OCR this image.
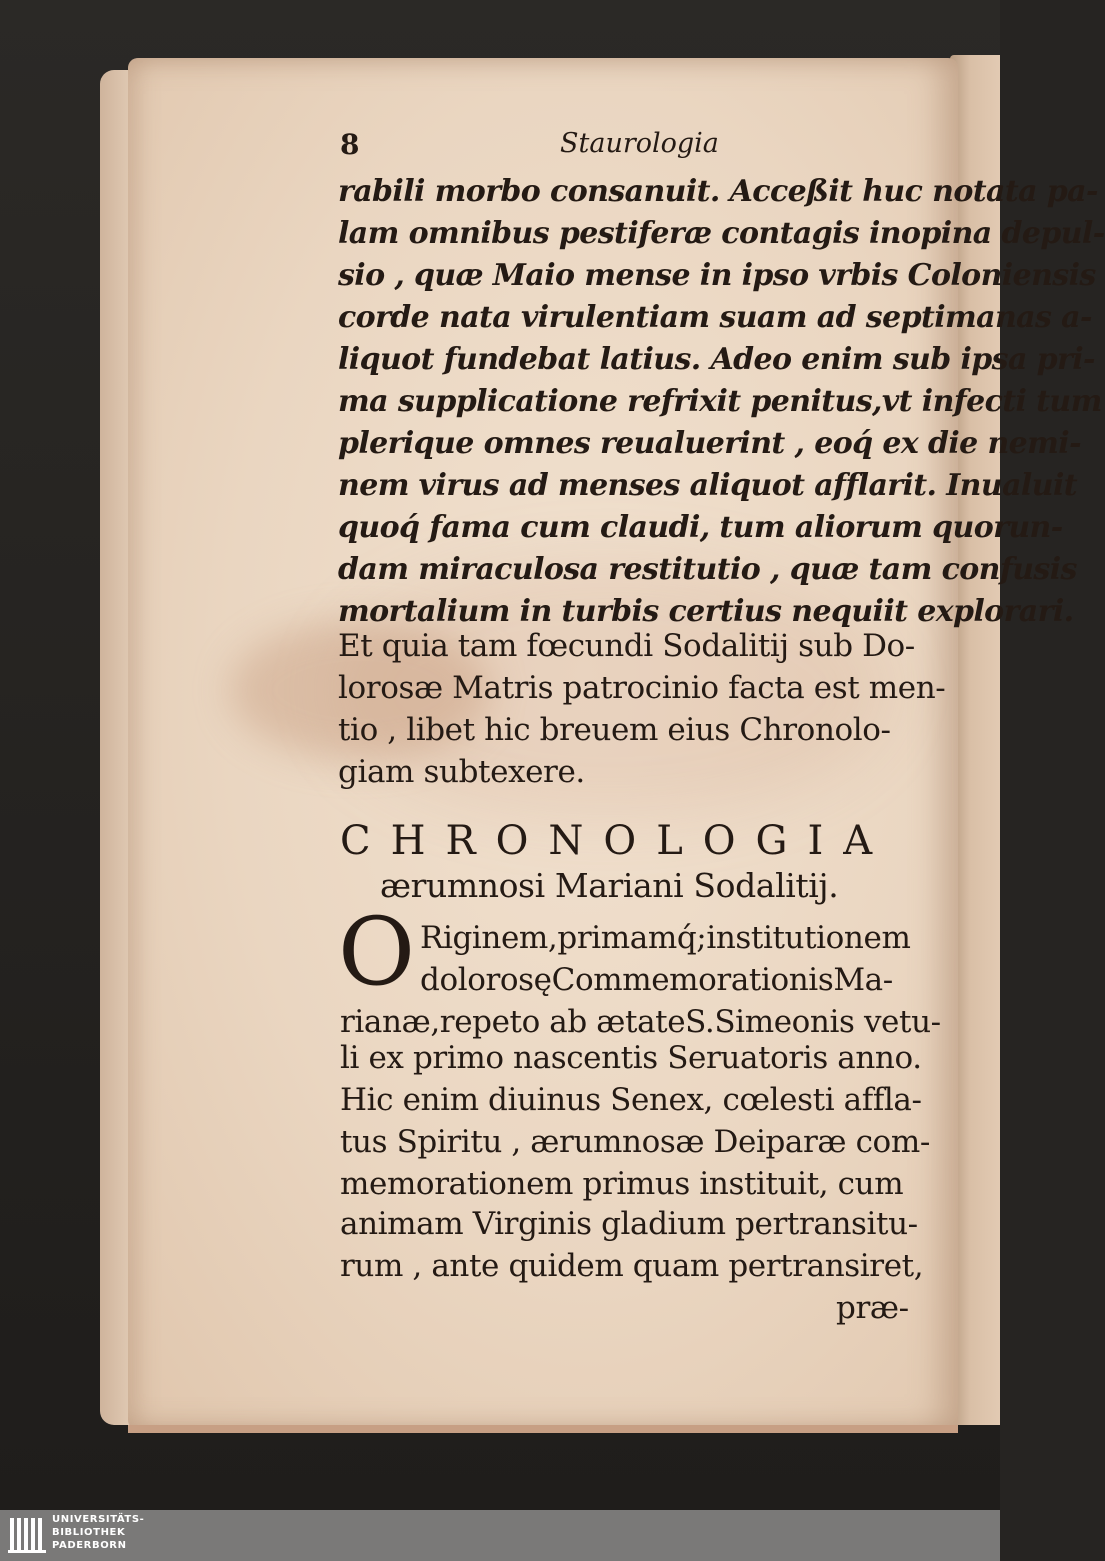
8	Staurologia
rabili morbo consanuit. Acceßit huc notata pa-
lam omnibus pestiferæ contagis inopina depul-
sio , quæ Maio mense in ipso vrbis Coloniensis
corde nata virulentiam suam ad septimanas a-
liquot fundebat latius. Adeo enim sub ipsa pri-
ma supplicatione refrixit penitus,vt infecti tum
plerique omnes reualuerint , eoq́ ex die nemi-
nem virus ad menses aliquot afflarit. Inualuit
quoq́ fama cum claudi, tum aliorum quorun-
dam miraculosa restitutio , quæ tam confusis
mortalium in turbis certius nequiit explorari.
Et quia tam fœcundi Sodalitij sub Do-
lorosæ Matris patrocinio facta est men-
tio , libet hic breuem eius Chronolo-
giam subtexere.
CHRONOLOGIA
ærumnosi Mariani Sodalitij.
O Riginem,primamq́;institutionem
dolorosęCommemorationisMa-
rianæ,repeto ab ætateS.Simeonis vetu-
li ex primo nascentis Seruatoris anno.
Hic enim diuinus Senex, cœlesti affla-
tus Spiritu , ærumnosæ Deiparæ com-
memorationem primus instituit, cum
animam Virginis gladium pertransitu-
rum , ante quidem quam pertransiret,
præ-
UNIVERSITÄTS-
BIBLIOTHEK
PADERBORN
